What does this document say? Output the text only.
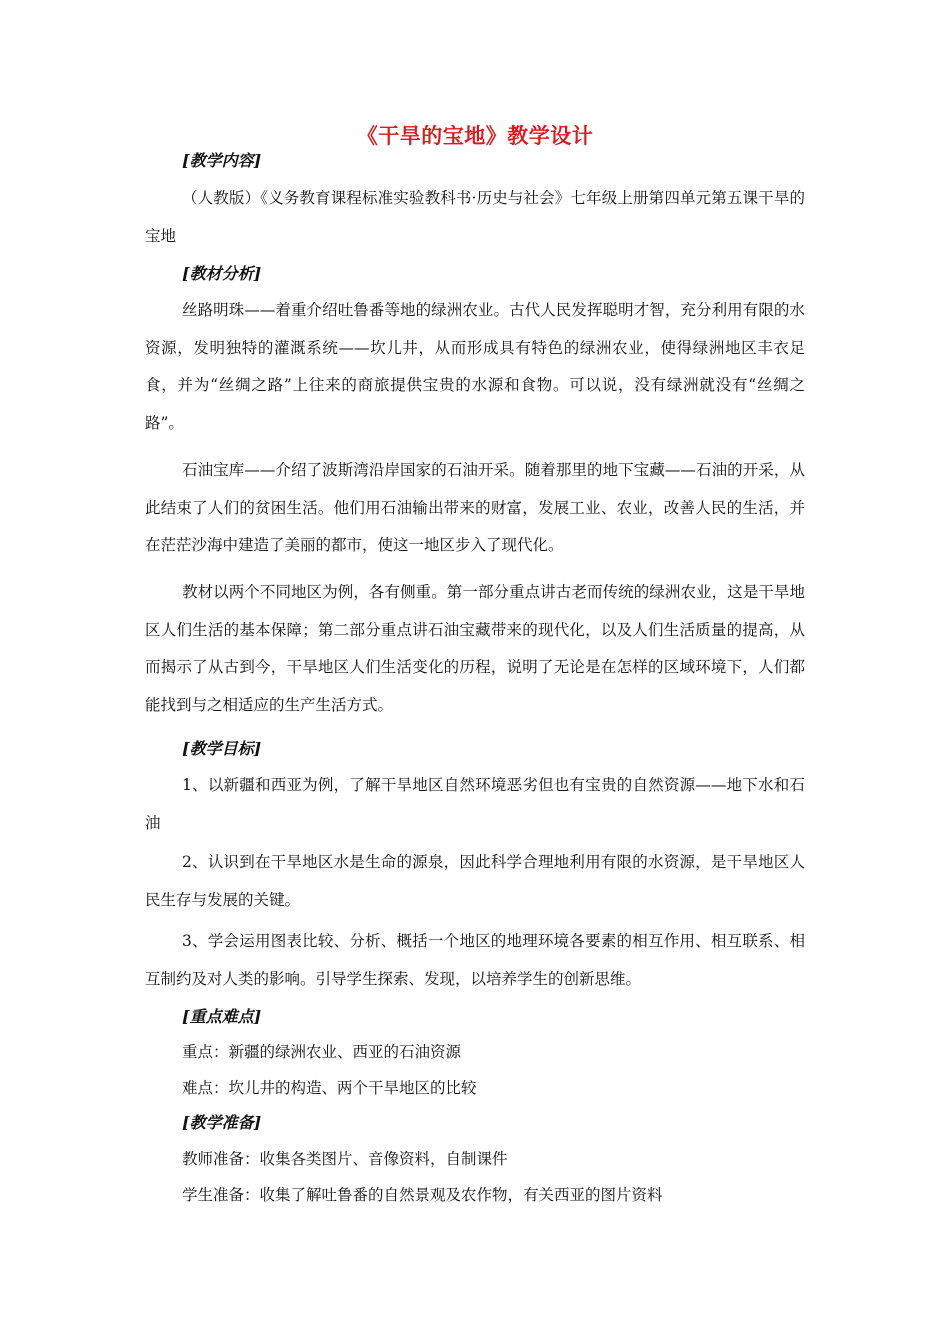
《干旱的宝地》教学设计
[教学内容]
（人教版）《义务教育课程标准实验教科书·历史与社会》七年级上册第四单元第五课干旱的宝地
[教材分析]
丝路明珠——着重介绍吐鲁番等地的绿洲农业。古代人民发挥聪明才智，充分利用有限的水资源，发明独特的灌溉系统——坎儿井，从而形成具有特色的绿洲农业，使得绿洲地区丰衣足食，并为“丝绸之路”上往来的商旅提供宝贵的水源和食物。可以说，没有绿洲就没有“丝绸之路”。
石油宝库——介绍了波斯湾沿岸国家的石油开采。随着那里的地下宝藏——石油的开采，从此结束了人们的贫困生活。他们用石油输出带来的财富，发展工业、农业，改善人民的生活，并在茫茫沙海中建造了美丽的都市，使这一地区步入了现代化。
教材以两个不同地区为例，各有侧重。第一部分重点讲古老而传统的绿洲农业，这是干旱地区人们生活的基本保障；第二部分重点讲石油宝藏带来的现代化，以及人们生活质量的提高，从而揭示了从古到今，干旱地区人们生活变化的历程，说明了无论是在怎样的区域环境下，人们都能找到与之相适应的生产生活方式。
[教学目标]
1、以新疆和西亚为例，了解干旱地区自然环境恶劣但也有宝贵的自然资源——地下水和石油
2、认识到在干旱地区水是生命的源泉，因此科学合理地利用有限的水资源，是干旱地区人民生存与发展的关键。
3、学会运用图表比较、分析、概括一个地区的地理环境各要素的相互作用、相互联系、相互制约及对人类的影响。引导学生探索、发现，以培养学生的创新思维。
[重点难点]
重点：新疆的绿洲农业、西亚的石油资源
难点：坎儿井的构造、两个干旱地区的比较
[教学准备]
教师准备：收集各类图片、音像资料，自制课件
学生准备：收集了解吐鲁番的自然景观及农作物，有关西亚的图片资料
